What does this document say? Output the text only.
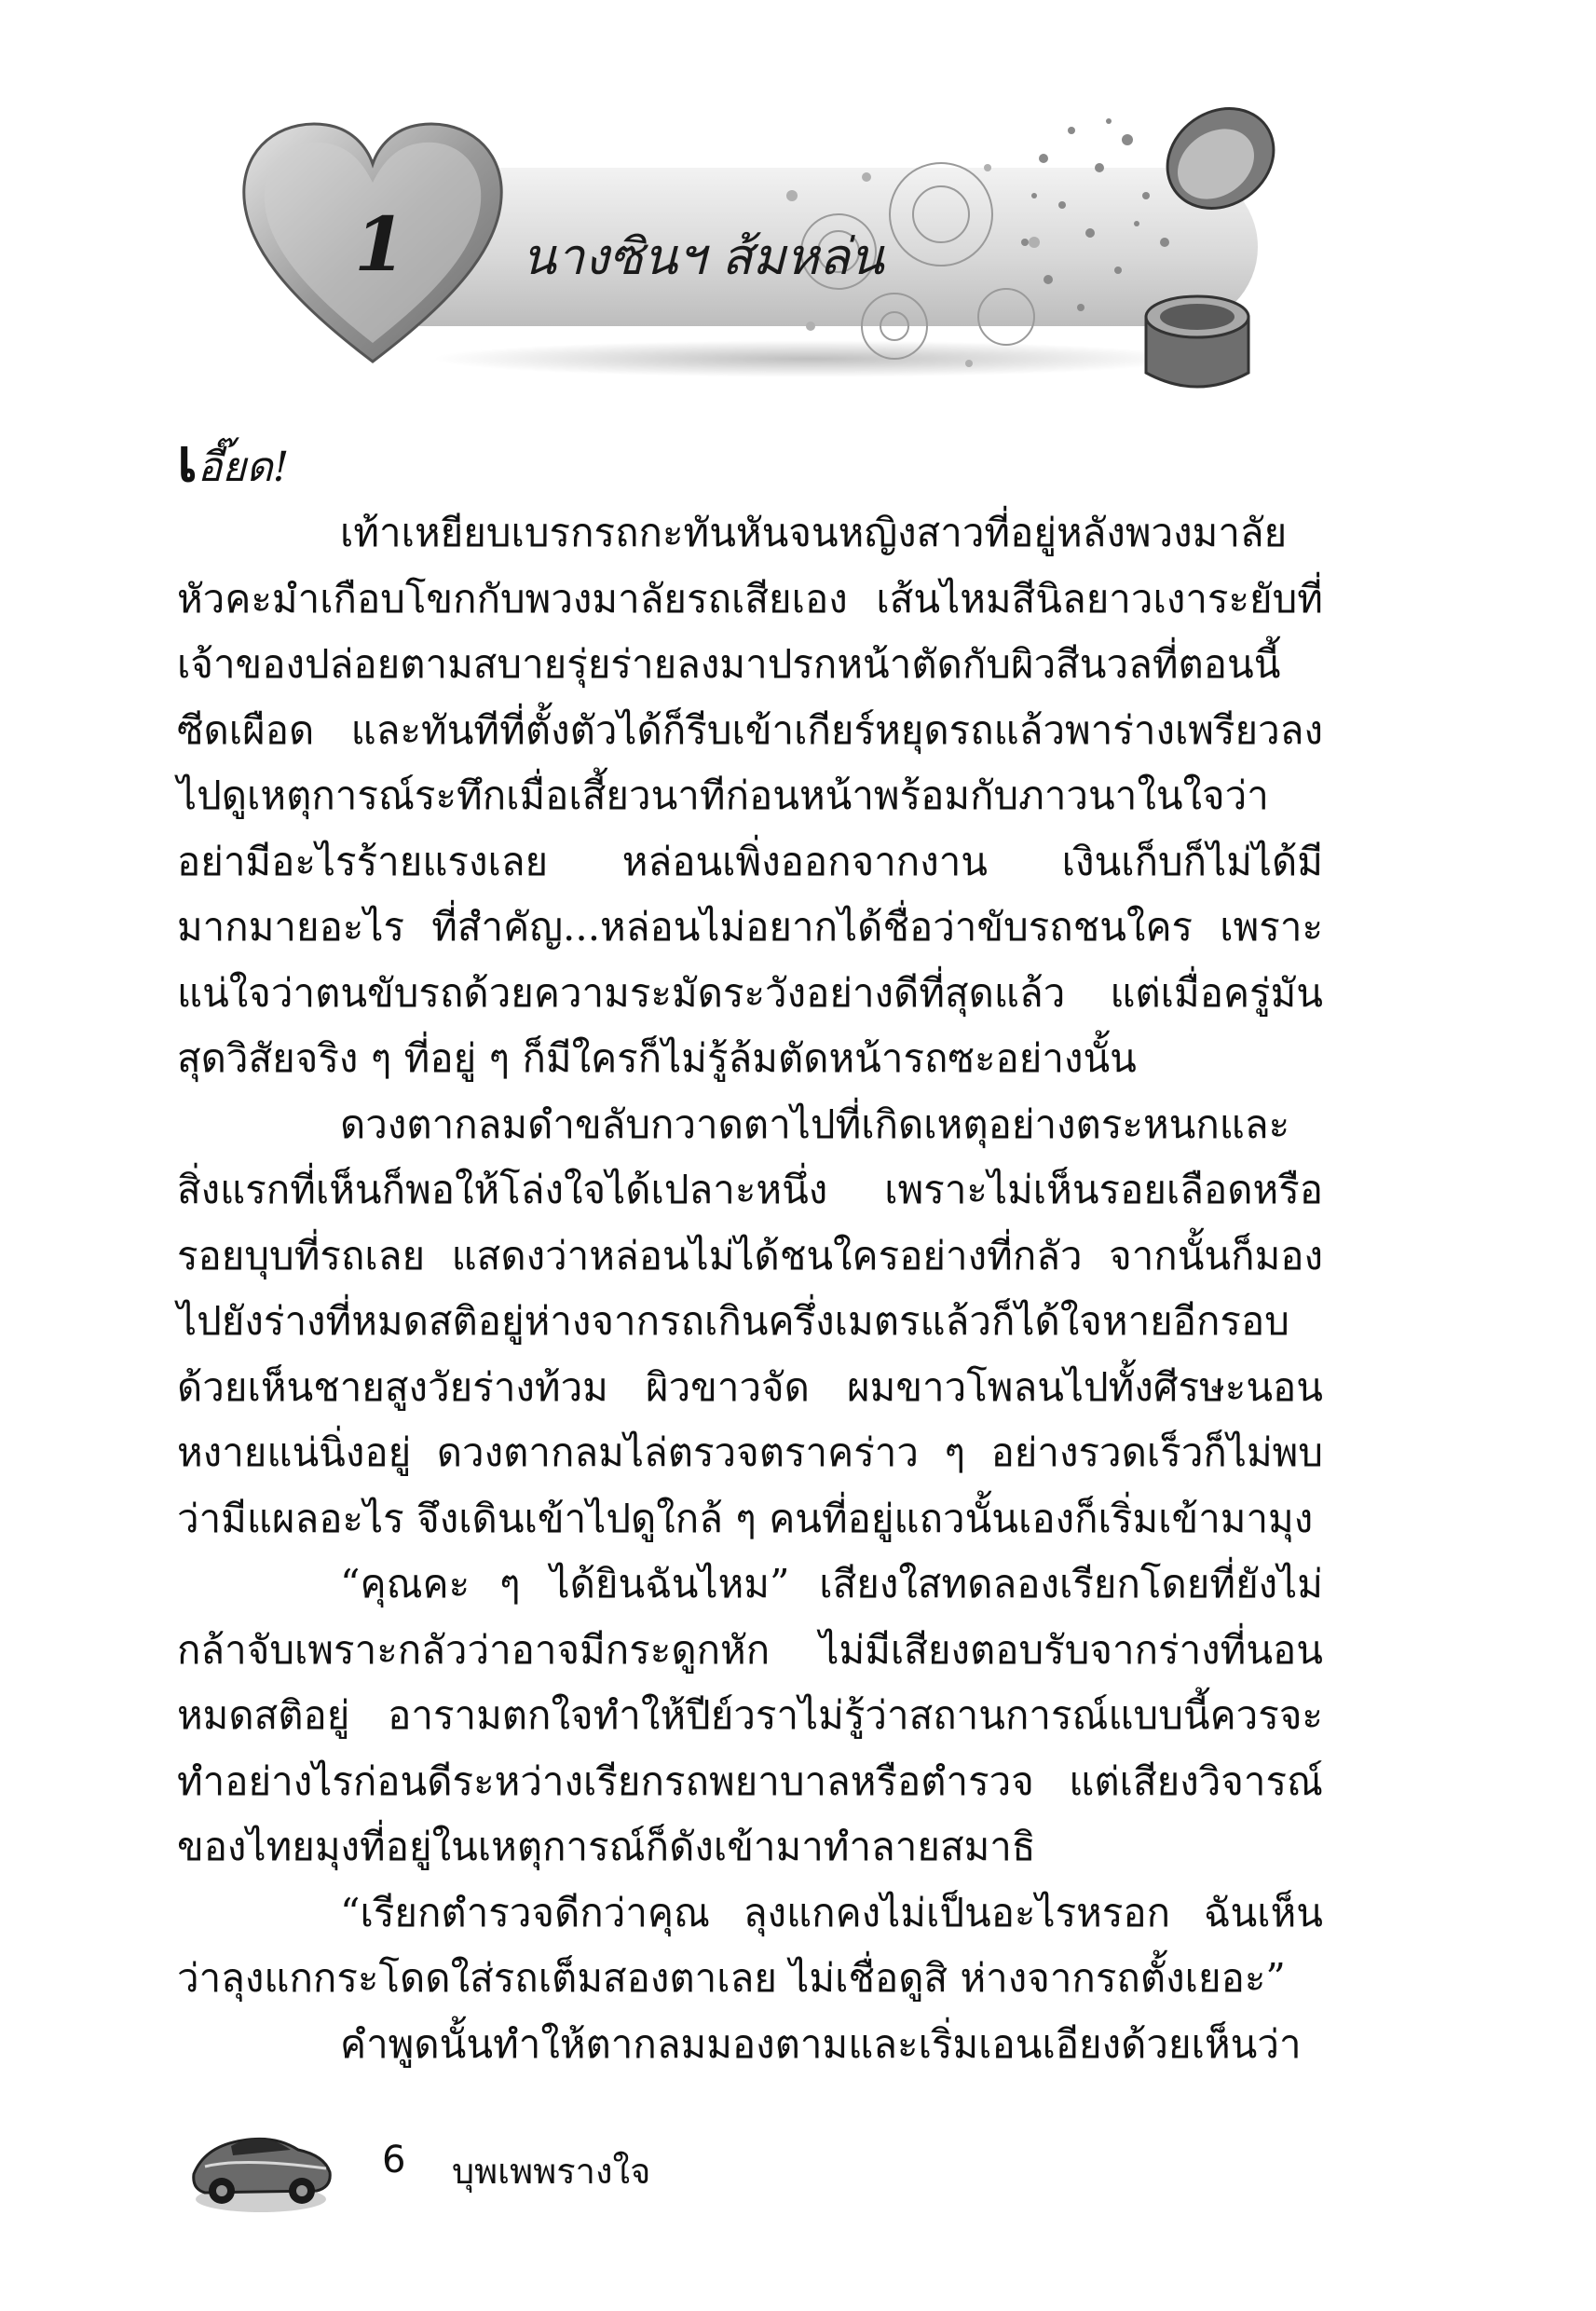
1 นางซินฯ ส้มหล่น

เอี๊ยด!

เท้าเหยียบเบรกรถกะทันหันจนหญิงสาวที่อยู่หลังพวงมาลัย หัวคะมำเกือบโขกกับพวงมาลัยรถเสียเอง เส้นไหมสีนิลยาวเงาระยับที่เจ้าของปล่อยตามสบายรุ่ยร่ายลงมาปรกหน้าตัดกับผิวสีนวลที่ตอนนี้ซีดเผือด และทันทีที่ตั้งตัวได้ก็รีบเข้าเกียร์หยุดรถแล้วพาร่างเพรียวลงไปดูเหตุการณ์ระทึกเมื่อเสี้ยวนาทีก่อนหน้าพร้อมกับภาวนาในใจว่าอย่ามีอะไรร้ายแรงเลย หล่อนเพิ่งออกจากงาน เงินเก็บก็ไม่ได้มีมากมายอะไร ที่สำคัญ...หล่อนไม่อยากได้ชื่อว่าขับรถชนใคร เพราะแน่ใจว่าตนขับรถด้วยความระมัดระวังอย่างดีที่สุดแล้ว แต่เมื่อครู่มันสุดวิสัยจริง ๆ ที่อยู่ ๆ ก็มีใครก็ไม่รู้ล้มตัดหน้ารถซะอย่างนั้น

ดวงตากลมดำขลับกวาดตาไปที่เกิดเหตุอย่างตระหนกและสิ่งแรกที่เห็นก็พอให้โล่งใจได้เปลาะหนึ่ง เพราะไม่เห็นรอยเลือดหรือรอยบุบที่รถเลย แสดงว่าหล่อนไม่ได้ชนใครอย่างที่กลัว จากนั้นก็มองไปยังร่างที่หมดสติอยู่ห่างจากรถเกินครึ่งเมตรแล้วก็ได้ใจหายอีกรอบด้วยเห็นชายสูงวัยร่างท้วม ผิวขาวจัด ผมขาวโพลนไปทั้งศีรษะนอนหงายแน่นิ่งอยู่ ดวงตากลมไล่ตรวจตราคร่าว ๆ อย่างรวดเร็วก็ไม่พบว่ามีแผลอะไร จึงเดินเข้าไปดูใกล้ ๆ คนที่อยู่แถวนั้นเองก็เริ่มเข้ามามุง

“คุณคะ ๆ ได้ยินฉันไหม” เสียงใสทดลองเรียกโดยที่ยังไม่กล้าจับเพราะกลัวว่าอาจมีกระดูกหัก ไม่มีเสียงตอบรับจากร่างที่นอนหมดสติอยู่ อารามตกใจทำให้ปีย์วราไม่รู้ว่าสถานการณ์แบบนี้ควรจะทำอย่างไรก่อนดีระหว่างเรียกรถพยาบาลหรือตำรวจ แต่เสียงวิจารณ์ของไทยมุงที่อยู่ในเหตุการณ์ก็ดังเข้ามาทำลายสมาธิ

“เรียกตำรวจดีกว่าคุณ ลุงแกคงไม่เป็นอะไรหรอก ฉันเห็นว่าลุงแกกระโดดใส่รถเต็มสองตาเลย ไม่เชื่อดูสิ ห่างจากรถตั้งเยอะ”

คำพูดนั้นทำให้ตากลมมองตามและเริ่มเอนเอียงด้วยเห็นว่า

6 บุพเพพรางใจ
